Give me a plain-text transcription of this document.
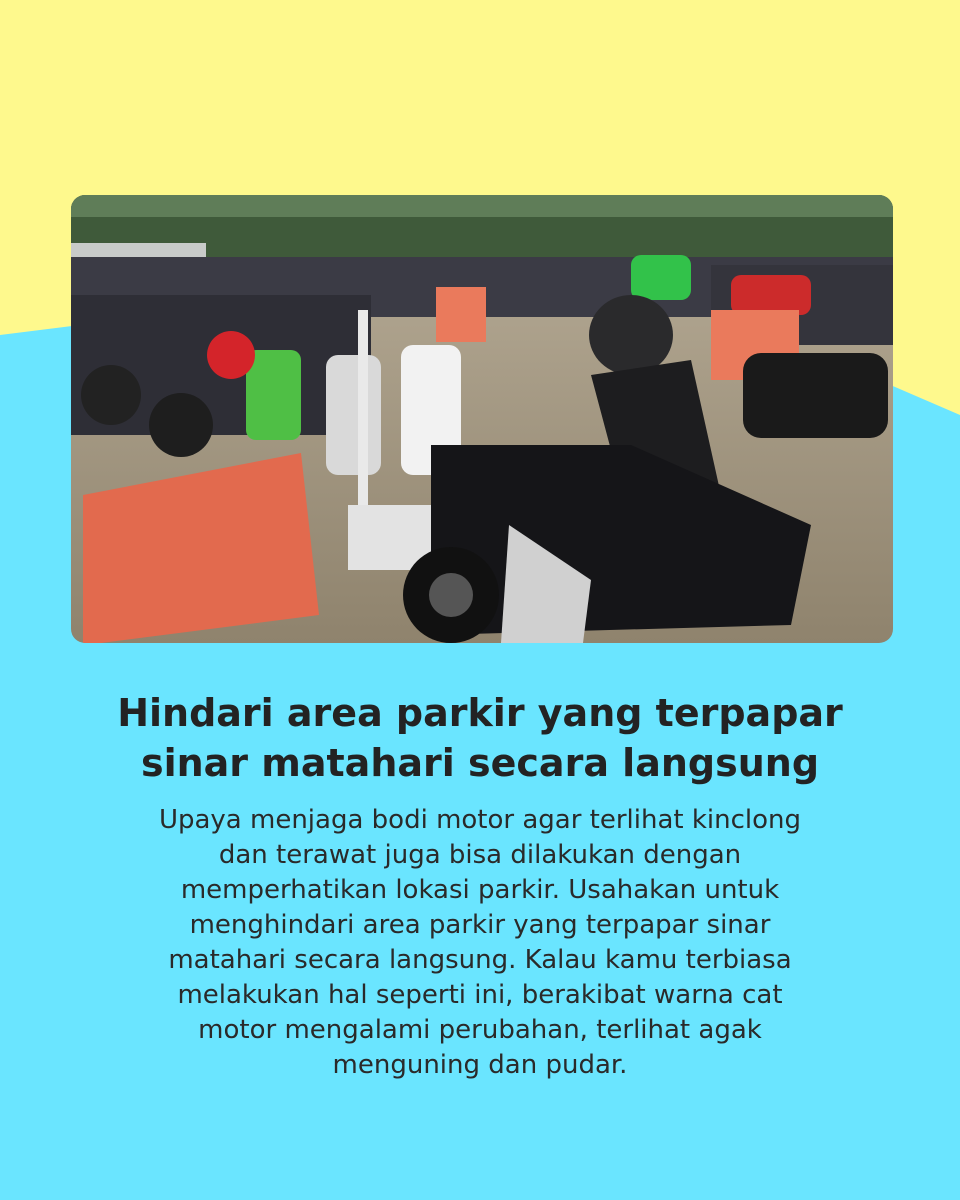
Hindari area parkir yang terpapar
sinar matahari secara langsung

Upaya menjaga bodi motor agar terlihat kinclong
dan terawat juga bisa dilakukan dengan
memperhatikan lokasi parkir. Usahakan untuk
menghindari area parkir yang terpapar sinar
matahari secara langsung. Kalau kamu terbiasa
melakukan hal seperti ini, berakibat warna cat
motor mengalami perubahan, terlihat agak
menguning dan pudar.
